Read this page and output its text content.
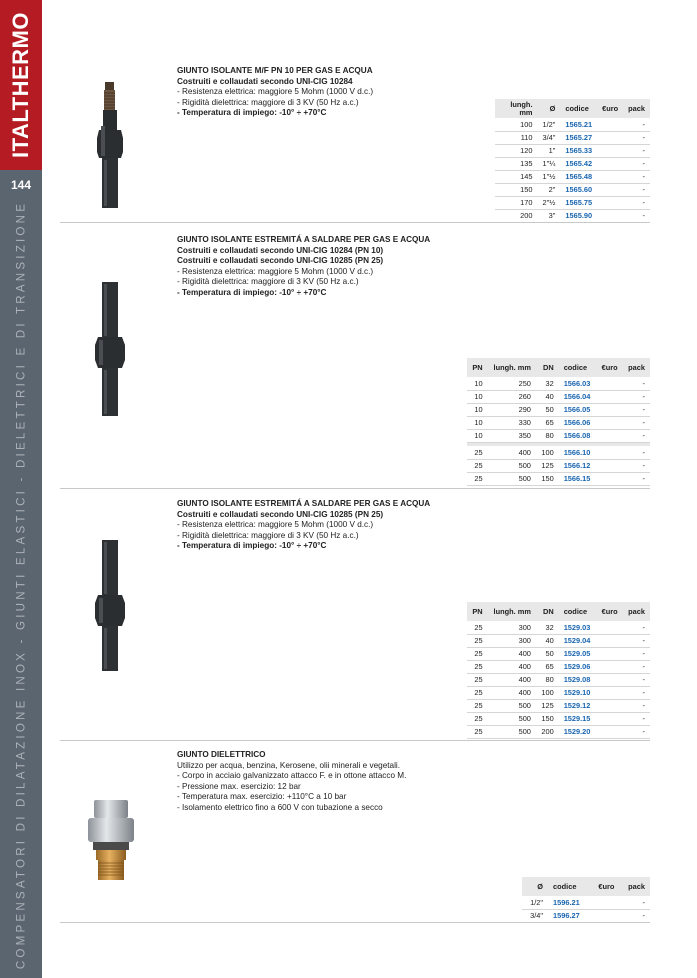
ITALTHERMO
144
COMPENSATORI DI DILATAZIONE INOX - GIUNTI ELASTICI - DIELETTRICI E DI TRANSIZIONE
GIUNTO ISOLANTE M/F PN 10 PER GAS E ACQUA
Costruiti e collaudati secondo UNI-CIG 10284
- Resistenza elettrica: maggiore 5 Mohm (1000 V d.c.)
- Rigidità dielettrica: maggiore di 3 KV (50 Hz a.c.)
- Temperatura di impiego: -10° ÷ +70°C
lungh. mm	Ø	codice	€uro	pack
100	1/2"	1565.21		-
110	3/4"	1565.27		-
120	1"	1565.33		-
135	1"¼	1565.42		-
145	1"½	1565.48		-
150	2"	1565.60		-
170	2"½	1565.75		-
200	3"	1565.90		-
GIUNTO ISOLANTE ESTREMITÁ A SALDARE PER GAS E ACQUA
Costruiti e collaudati secondo UNI-CIG 10284 (PN 10)
Costruiti e collaudati secondo UNI-CIG 10285 (PN 25)
- Resistenza elettrica: maggiore 5 Mohm (1000 V d.c.)
- Rigidità dielettrica: maggiore di 3 KV (50 Hz a.c.)
- Temperatura di impiego: -10° ÷ +70°C
PN	lungh. mm	DN	codice	€uro	pack
10	250	32	1566.03		-
10	260	40	1566.04		-
10	290	50	1566.05		-
10	330	65	1566.06		-
10	350	80	1566.08		-

25	400	100	1566.10		-
25	500	125	1566.12		-
25	500	150	1566.15		-
GIUNTO ISOLANTE ESTREMITÁ A SALDARE PER GAS E ACQUA
Costruiti e collaudati secondo UNI-CIG 10285 (PN 25)
- Resistenza elettrica: maggiore 5 Mohm (1000 V d.c.)
- Rigidità dielettrica: maggiore di 3 KV (50 Hz a.c.)
- Temperatura di impiego: -10° ÷ +70°C
PN	lungh. mm	DN	codice	€uro	pack
25	300	32	1529.03		-
25	300	40	1529.04		-
25	400	50	1529.05		-
25	400	65	1529.06		-
25	400	80	1529.08		-
25	400	100	1529.10		-
25	500	125	1529.12		-
25	500	150	1529.15		-
25	500	200	1529.20		-
GIUNTO DIELETTRICO
Utilizzo per acqua, benzina, Kerosene, olii minerali e vegetali.
- Corpo in acciaio galvanizzato attacco F. e in ottone attacco M.
- Pressione max. esercizio: 12 bar
- Temperatura max. esercizio: +110°C a 10 bar
- Isolamento elettrico fino a 600 V con tubazione a secco
Ø	codice	€uro	pack
1/2"	1596.21		-
3/4"	1596.27		-
